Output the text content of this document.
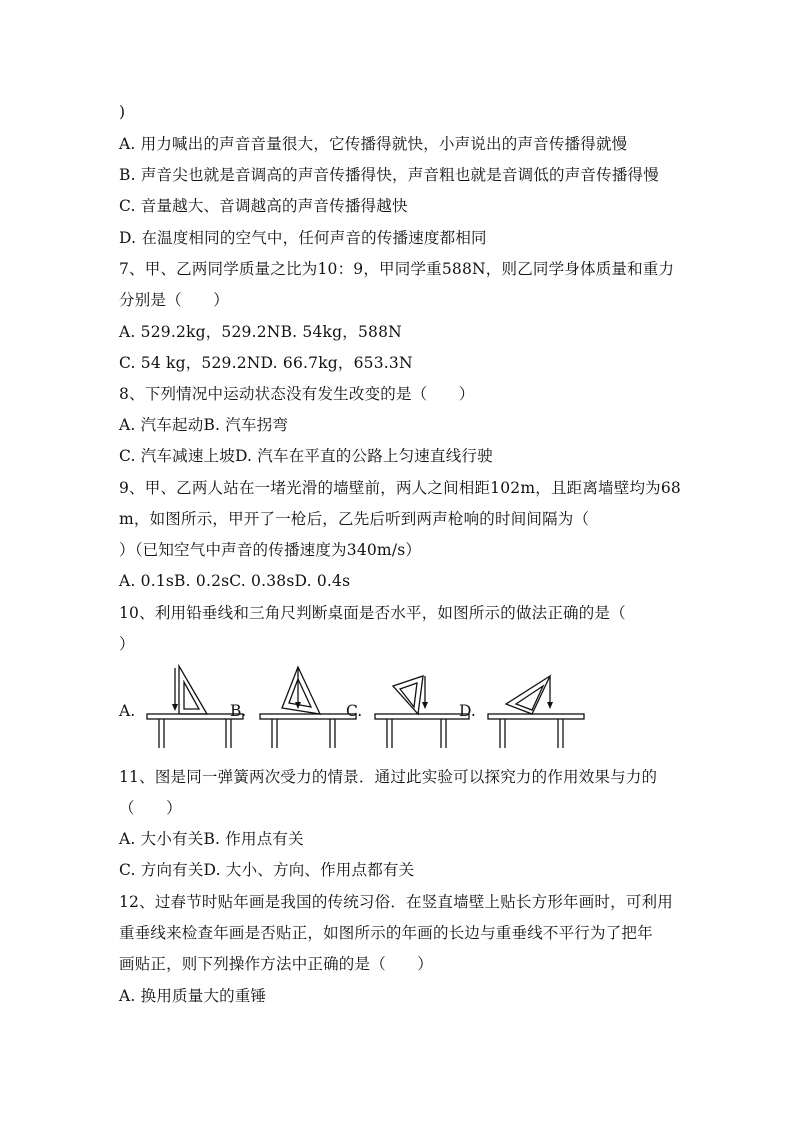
)
A. 用力喊出的声音音量很大，它传播得就快，小声说出的声音传播得就慢
B. 声音尖也就是音调高的声音传播得快，声音粗也就是音调低的声音传播得慢
C. 音量越大、音调越高的声音传播得越快
D. 在温度相同的空气中，任何声音的传播速度都相同
7、甲、乙两同学质量之比为10：9，甲同学重588N，则乙同学身体质量和重力
分别是（　　）
A. 529.2kg，529.2NB. 54kg，588N
C. 54 kg，529.2ND. 66.7kg，653.3N
8、下列情况中运动状态没有发生改变的是（　　）
A. 汽车起动B. 汽车拐弯
C. 汽车减速上坡D. 汽车在平直的公路上匀速直线行驶
9、甲、乙两人站在一堵光滑的墙壁前，两人之间相距102m，且距离墙壁均为68
m，如图所示，甲开了一枪后，乙先后听到两声枪响的时间间隔为（
）（已知空气中声音的传播速度为340m/s）
A. 0.1sB. 0.2sC. 0.38sD. 0.4s
10、利用铅垂线和三角尺判断桌面是否水平，如图所示的做法正确的是（
）
A.	B.	C.	D.
11、图是同一弹簧两次受力的情景．通过此实验可以探究力的作用效果与力的
（　　）
A. 大小有关B. 作用点有关
C. 方向有关D. 大小、方向、作用点都有关
12、过春节时贴年画是我国的传统习俗．在竖直墙壁上贴长方形年画时，可利用
重垂线来检查年画是否贴正，如图所示的年画的长边与重垂线不平行为了把年
画贴正，则下列操作方法中正确的是（　　）
A. 换用质量大的重锤
